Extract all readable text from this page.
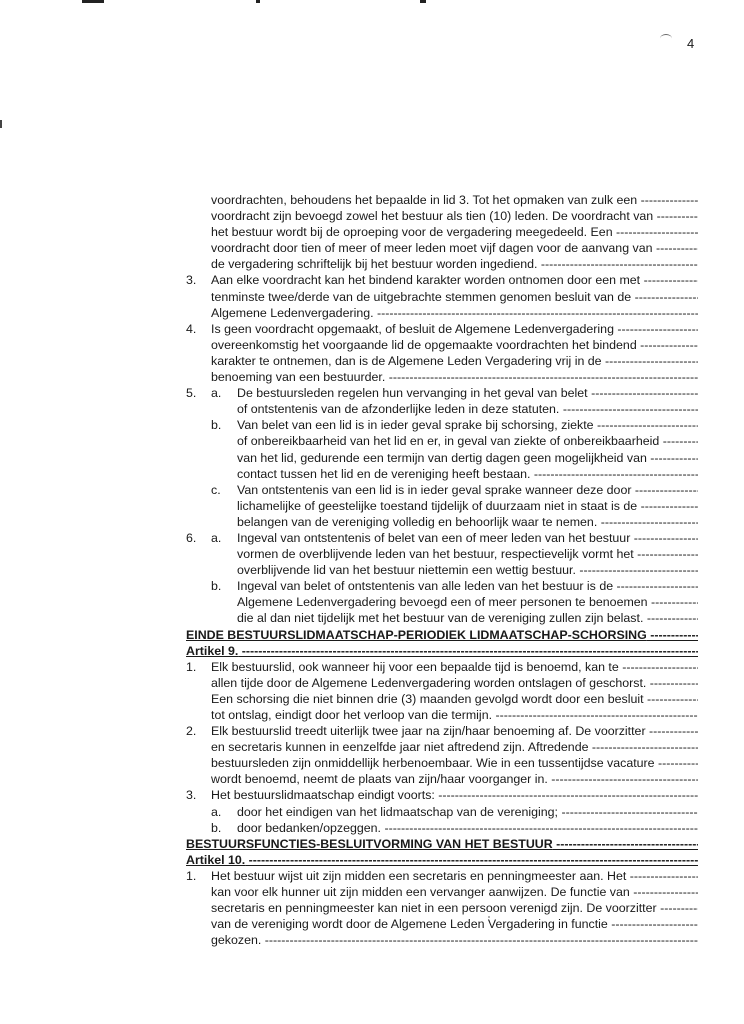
4
voordrachten, behoudens het bepaalde in lid 3. Tot het opmaken van zulk een -----
voordracht zijn bevoegd zowel het bestuur als tien (10) leden. De voordracht van -----
het bestuur wordt bij de oproeping voor de vergadering meegedeeld. Een -----
voordracht door tien of meer of meer leden moet vijf dagen voor de aanvang van -----
de vergadering schriftelijk bij het bestuur worden ingediend. -----
3.	Aan elke voordracht kan het bindend karakter worden ontnomen door een met -----
tenminste twee/derde van de uitgebrachte stemmen genomen besluit van de -----
Algemene Ledenvergadering. -----
4.	Is geen voordracht opgemaakt, of besluit de Algemene Ledenvergadering -----
overeenkomstig het voorgaande lid de opgemaakte voordrachten het bindend -----
karakter te ontnemen, dan is de Algemene Leden Vergadering vrij in de -----
benoeming van een bestuurder. -----
5.	a.	De bestuursleden regelen hun vervanging in het geval van belet -----
of ontstentenis van de afzonderlijke leden in deze statuten. -----
b.	Van belet van een lid is in ieder geval sprake bij schorsing, ziekte -----
of onbereikbaarheid van het lid en er, in geval van ziekte of onbereikbaarheid -----
van het lid, gedurende een termijn van dertig dagen geen mogelijkheid van -----
contact tussen het lid en de vereniging heeft bestaan. -----
c.	Van ontstentenis van een lid is in ieder geval sprake wanneer deze door -----
lichamelijke of geestelijke toestand tijdelijk of duurzaam niet in staat is de -----
belangen van de vereniging volledig en behoorlijk waar te nemen. -----
6.	a.	Ingeval van ontstentenis of belet van een of meer leden van het bestuur -----
vormen de overblijvende leden van het bestuur, respectievelijk vormt het -----
overblijvende lid van het bestuur niettemin een wettig bestuur. -----
b.	Ingeval van belet of ontstentenis van alle leden van het bestuur is de -----
Algemene Ledenvergadering bevoegd een of meer personen te benoemen -----
die al dan niet tijdelijk met het bestuur van de vereniging zullen zijn belast. -----
EINDE BESTUURSLIDMAATSCHAP-PERIODIEK LIDMAATSCHAP-SCHORSING -----
Artikel 9. -----
1.	Elk bestuurslid, ook wanneer hij voor een bepaalde tijd is benoemd, kan te -----
allen tijde door de Algemene Ledenvergadering worden ontslagen of geschorst. -----
Een schorsing die niet binnen drie (3) maanden gevolgd wordt door een besluit -----
tot ontslag, eindigt door het verloop van die termijn. -----
2.	Elk bestuurslid treedt uiterlijk twee jaar na zijn/haar benoeming af. De voorzitter -----
en secretaris kunnen in eenzelfde jaar niet aftredend zijn. Aftredende -----
bestuursleden zijn onmiddellijk herbenoembaar. Wie in een tussentijdse vacature -----
wordt benoemd, neemt de plaats van zijn/haar voorganger in. -----
3.	Het bestuurslidmaatschap eindigt voorts: -----
a.	door het eindigen van het lidmaatschap van de vereniging; -----
b.	door bedanken/opzeggen. -----
BESTUURSFUNCTIES-BESLUITVORMING VAN HET BESTUUR -----
Artikel 10. -----
1.	Het bestuur wijst uit zijn midden een secretaris en penningmeester aan. Het -----
kan voor elk hunner uit zijn midden een vervanger aanwijzen. De functie van -----
secretaris en penningmeester kan niet in een persoon verenigd zijn. De voorzitter -----
van de vereniging wordt door de Algemene Leden Vergadering in functie -----
gekozen. -----
